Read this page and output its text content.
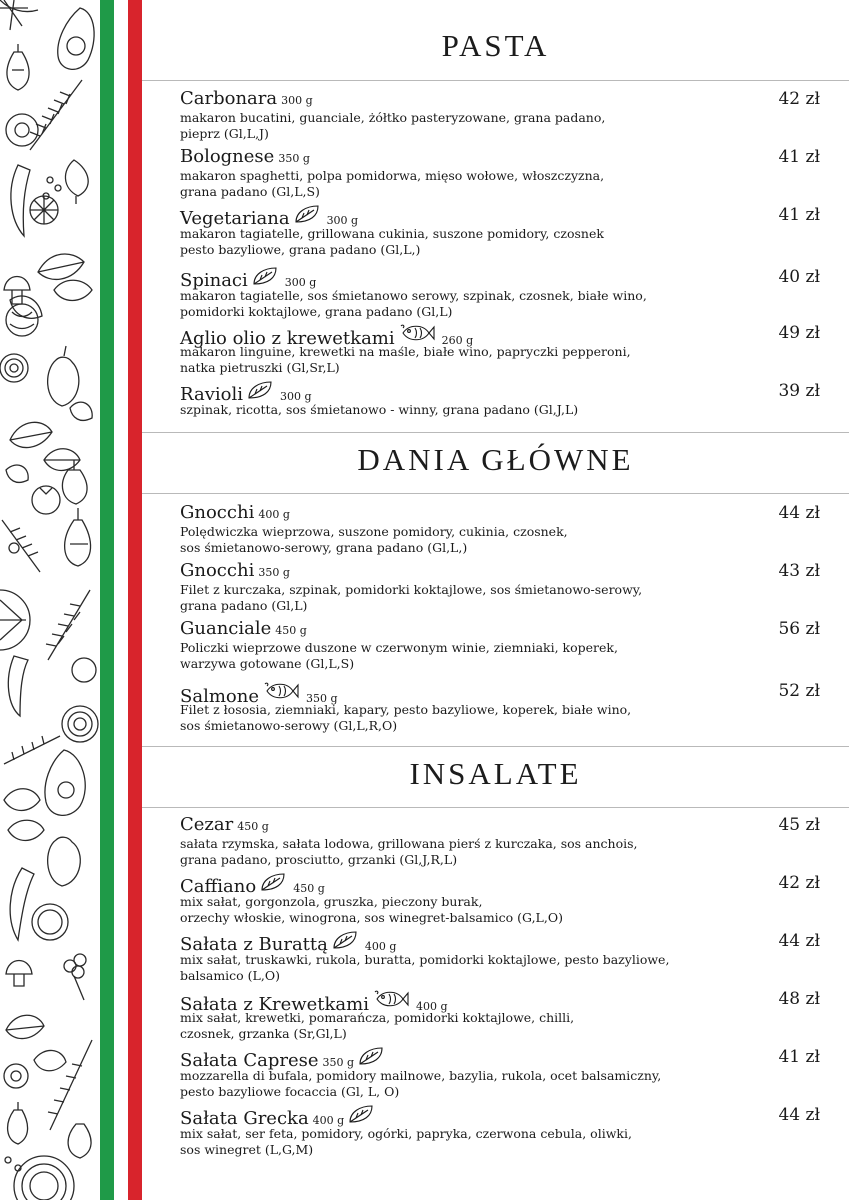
PASTA
Carbonara 300 g	42 zł
makaron bucatini, guanciale, żółtko pasteryzowane, grana padano,
pieprz (Gl,L,J)
Bolognese 350 g	41 zł
makaron spaghetti, polpa pomidorwa, mięso wołowe, włoszczyzna,
grana padano (Gl,L,S)
Vegetariana	300 g	41 zł
makaron tagiatelle, grillowana cukinia, suszone pomidory, czosnek
pesto bazyliowe, grana padano (Gl,L,)
Spinaci	300 g	40 zł
makaron tagiatelle, sos śmietanowo serowy, szpinak, czosnek, białe wino,
pomidorki koktajlowe, grana padano (Gl,L)
Aglio olio z krewetkami	260 g	49 zł
makaron linguine, krewetki na maśle, białe wino, papryczki pepperoni,
natka pietruszki (Gl,Sr,L)
Ravioli	300 g	39 zł
szpinak, ricotta, sos śmietanowo - winny, grana padano (Gl,J,L)
DANIA GŁÓWNE
Gnocchi 400 g	44 zł
Polędwiczka wieprzowa, suszone pomidory, cukinia, czosnek,
sos śmietanowo-serowy, grana padano (Gl,L,)
Gnocchi 350 g	43 zł
Filet z kurczaka, szpinak, pomidorki koktajlowe, sos śmietanowo-serowy,
grana padano (Gl,L)
Guanciale 450 g	56 zł
Policzki wieprzowe duszone w czerwonym winie, ziemniaki, koperek,
warzywa gotowane (Gl,L,S)
Salmone	350 g	52 zł
Filet z łososia, ziemniaki, kapary, pesto bazyliowe, koperek, białe wino,
sos śmietanowo-serowy (Gl,L,R,O)
INSALATE
Cezar 450 g	45 zł
sałata rzymska, sałata lodowa, grillowana pierś z kurczaka, sos anchois,
grana padano, prosciutto, grzanki (Gl,J,R,L)
Caffiano	450 g	42 zł
mix sałat, gorgonzola, gruszka, pieczony burak,
orzechy włoskie, winogrona, sos winegret-balsamico (G,L,O)
Sałata z Burattą	400 g	44 zł
mix sałat, truskawki, rukola, buratta, pomidorki koktajlowe, pesto bazyliowe,
balsamico (L,O)
Sałata z Krewetkami	400 g	48 zł
mix sałat, krewetki, pomarańcza, pomidorki koktajlowe, chilli,
czosnek, grzanka (Sr,Gl,L)
Sałata Caprese 350 g	41 zł
mozzarella di bufala, pomidory mailnowe, bazylia, rukola, ocet balsamiczny,
pesto bazyliowe focaccia (Gl, L, O)
Sałata Grecka 400 g	44 zł
mix sałat, ser feta, pomidory, ogórki, papryka, czerwona cebula, oliwki,
sos winegret (L,G,M)
